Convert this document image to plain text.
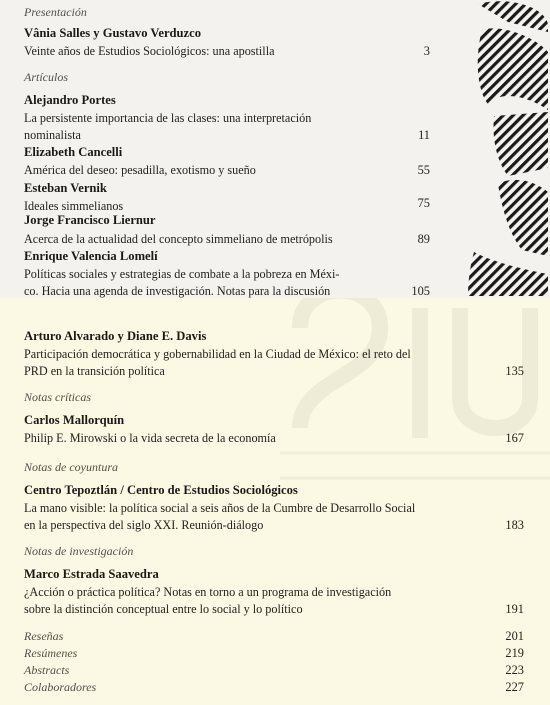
Presentación
Vânia Salles y Gustavo Verduzco
Veinte años de Estudios Sociológicos: una apostilla	3
Artículos
Alejandro Portes
La persistente importancia de las clases: una interpretación
nominalista	11
Elizabeth Cancelli
América del deseo: pesadilla, exotismo y sueño	55
Esteban Vernik
Ideales simmelianos	75
Jorge Francisco Liernur
Acerca de la actualidad del concepto simmeliano de metrópolis	89
Enrique Valencia Lomelí
Políticas sociales y estrategias de combate a la pobreza en Méxi-
co. Hacia una agenda de investigación. Notas para la discusión	105
Arturo Alvarado y Diane E. Davis
Participación democrática y gobernabilidad en la Ciudad de México: el reto del
PRD en la transición política	135
Notas críticas
Carlos Mallorquín
Philip E. Mirowski o la vida secreta de la economía	167
Notas de coyuntura
Centro Tepoztlán / Centro de Estudios Sociológicos
La mano visible: la política social a seis años de la Cumbre de Desarrollo Social
en la perspectiva del siglo XXI. Reunión-diálogo	183
Notas de investigación
Marco Estrada Saavedra
¿Acción o práctica política? Notas en torno a un programa de investigación
sobre la distinción conceptual entre lo social y lo político	191
Reseñas	201
Resúmenes	219
Abstracts	223
Colaboradores	227
